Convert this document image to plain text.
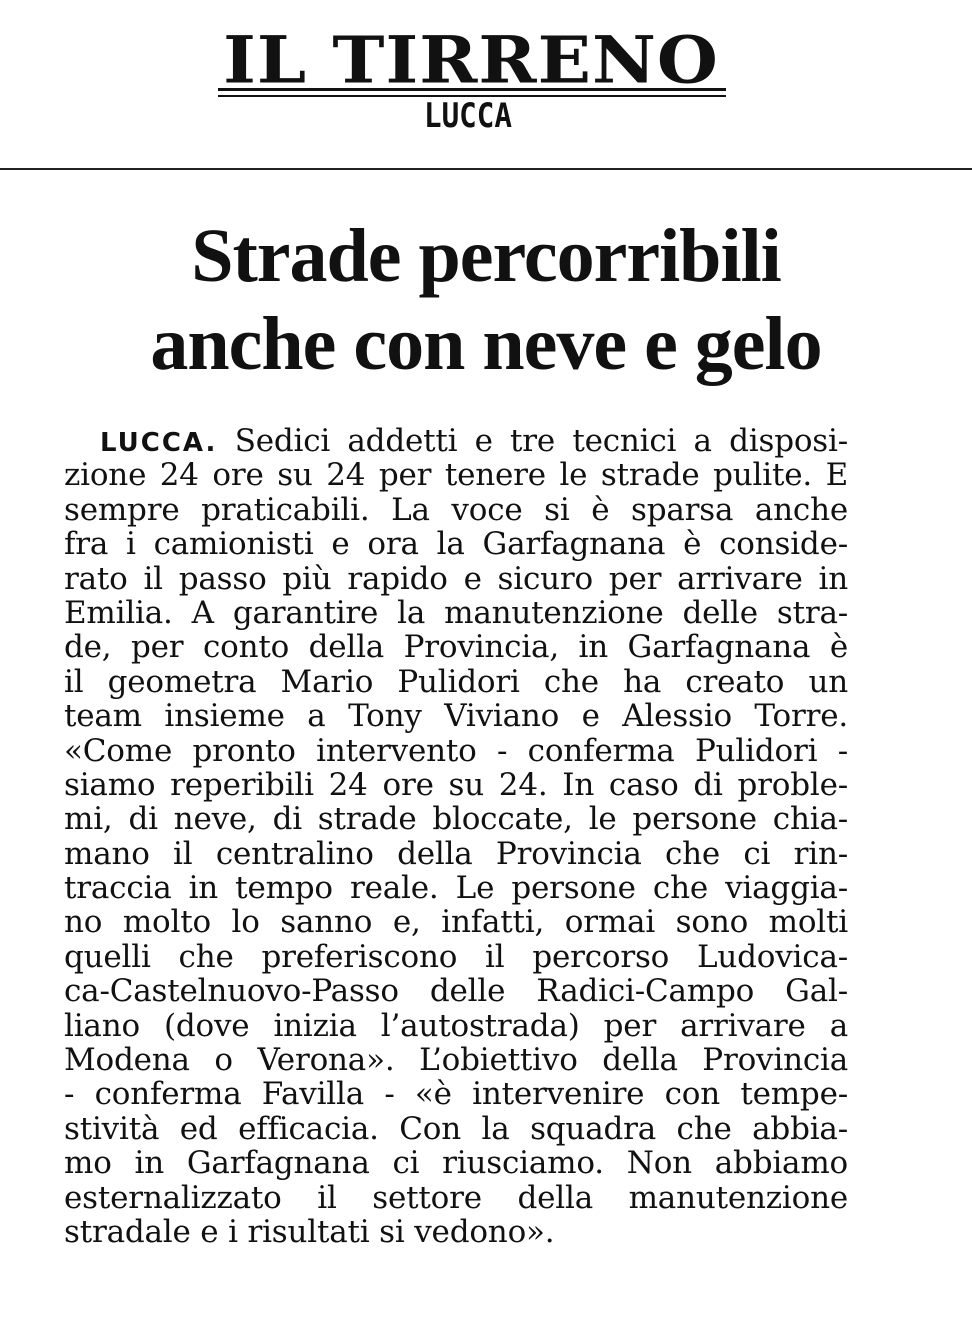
IL TIRRENO
LUCCA
Strade percorribili
anche con neve e gelo
LUCCA. Sedici addetti e tre tecnici a disposi-
zione 24 ore su 24 per tenere le strade pulite. E
sempre praticabili. La voce si è sparsa anche
fra i camionisti e ora la Garfagnana è conside-
rato il passo più rapido e sicuro per arrivare in
Emilia. A garantire la manutenzione delle stra-
de, per conto della Provincia, in Garfagnana è
il geometra Mario Pulidori che ha creato un
team insieme a Tony Viviano e Alessio Torre.
«Come pronto intervento - conferma Pulidori -
siamo reperibili 24 ore su 24. In caso di proble-
mi, di neve, di strade bloccate, le persone chia-
mano il centralino della Provincia che ci rin-
traccia in tempo reale. Le persone che viaggia-
no molto lo sanno e, infatti, ormai sono molti
quelli che preferiscono il percorso Ludovica-
ca-Castelnuovo-Passo delle Radici-Campo Gal-
liano (dove inizia l’autostrada) per arrivare a
Modena o Verona». L’obiettivo della Provincia
- conferma Favilla - «è intervenire con tempe-
stività ed efficacia. Con la squadra che abbia-
mo in Garfagnana ci riusciamo. Non abbiamo
esternalizzato il settore della manutenzione
stradale e i risultati si vedono».
